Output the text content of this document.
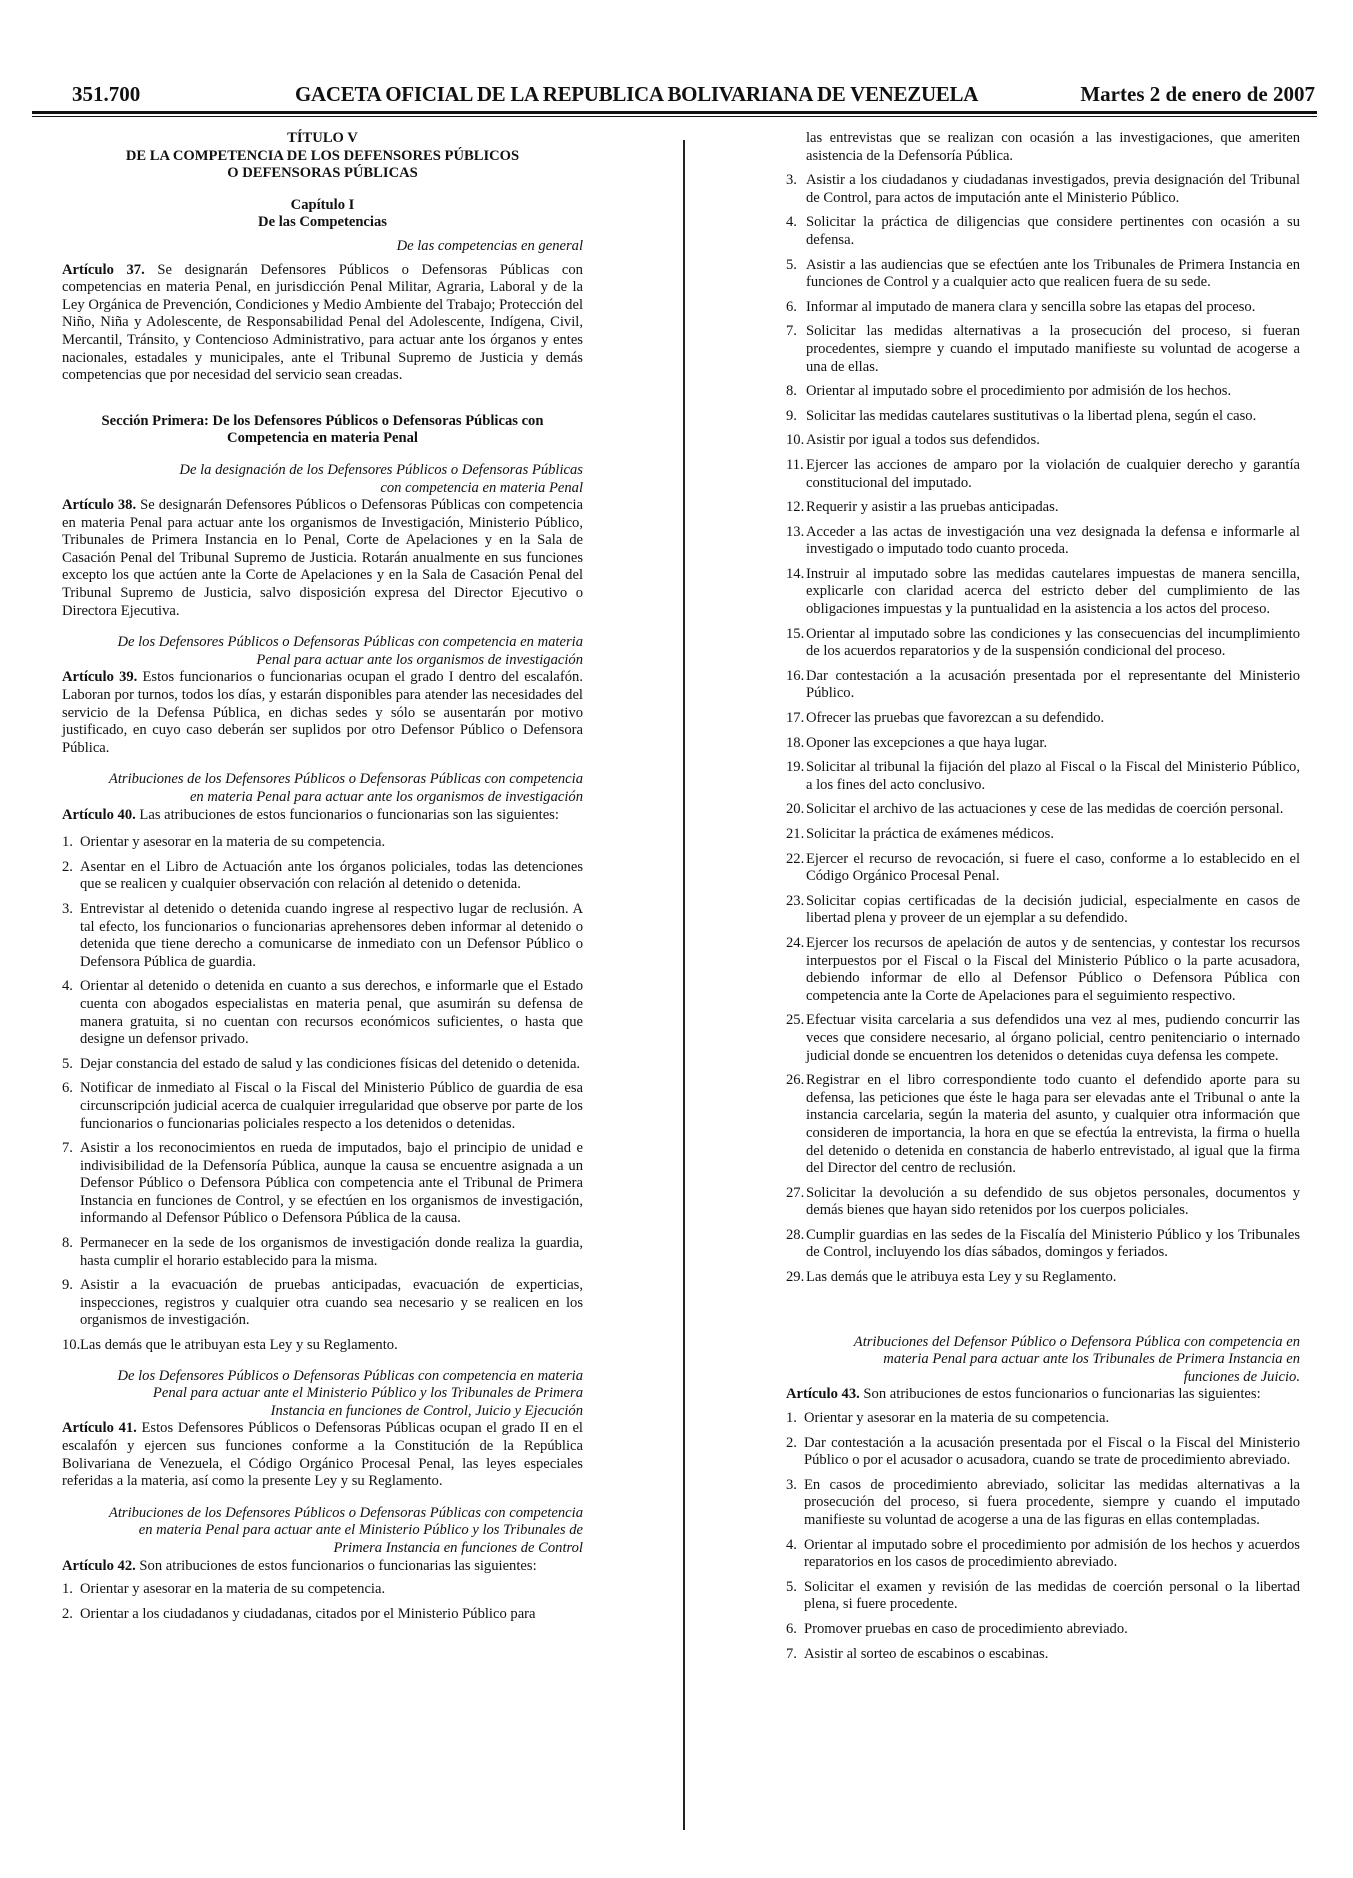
351.700	GACETA OFICIAL DE LA REPUBLICA BOLIVARIANA DE VENEZUELA	Martes 2 de enero de 2007
TÍTULO V
DE LA COMPETENCIA DE LOS DEFENSORES PÚBLICOS
O DEFENSORAS PÚBLICAS
Capítulo I
De las Competencias
De las competencias en general

Artículo 37. Se designarán Defensores Públicos o Defensoras Públicas con competencias en materia Penal, en jurisdicción Penal Militar, Agraria, Laboral y de la Ley Orgánica de Prevención, Condiciones y Medio Ambiente del Trabajo; Protección del Niño, Niña y Adolescente, de Responsabilidad Penal del Adolescente, Indígena, Civil, Mercantil, Tránsito, y Contencioso Administrativo, para actuar ante los órganos y entes nacionales, estadales y municipales, ante el Tribunal Supremo de Justicia y demás competencias que por necesidad del servicio sean creadas.

Sección Primera: De los Defensores Públicos o Defensoras Públicas con
Competencia en materia Penal
De la designación de los Defensores Públicos o Defensoras Públicas
con competencia en materia Penal

Artículo 38. Se designarán Defensores Públicos o Defensoras Públicas con competencia en materia Penal para actuar ante los organismos de Investigación, Ministerio Público, Tribunales de Primera Instancia en lo Penal, Corte de Apelaciones y en la Sala de Casación Penal del Tribunal Supremo de Justicia. Rotarán anualmente en sus funciones excepto los que actúen ante la Corte de Apelaciones y en la Sala de Casación Penal del Tribunal Supremo de Justicia, salvo disposición expresa del Director Ejecutivo o Directora Ejecutiva.

De los Defensores Públicos o Defensoras Públicas con competencia en materia
Penal para actuar ante los organismos de investigación

Artículo 39. Estos funcionarios o funcionarias ocupan el grado I dentro del escalafón. Laboran por turnos, todos los días, y estarán disponibles para atender las necesidades del servicio de la Defensa Pública, en dichas sedes y sólo se ausentarán por motivo justificado, en cuyo caso deberán ser suplidos por otro Defensor Público o Defensora Pública.

Atribuciones de los Defensores Públicos o Defensoras Públicas con competencia
en materia Penal para actuar ante los organismos de investigación

Artículo 40. Las atribuciones de estos funcionarios o funcionarias son las siguientes:

1. Orientar y asesorar en la materia de su competencia.
2. Asentar en el Libro de Actuación ante los órganos policiales, todas las detenciones que se realicen y cualquier observación con relación al detenido o detenida.
3. Entrevistar al detenido o detenida cuando ingrese al respectivo lugar de reclusión. A tal efecto, los funcionarios o funcionarias aprehensores deben informar al detenido o detenida que tiene derecho a comunicarse de inmediato con un Defensor Público o Defensora Pública de guardia.
4. Orientar al detenido o detenida en cuanto a sus derechos, e informarle que el Estado cuenta con abogados especialistas en materia penal, que asumirán su defensa de manera gratuita, si no cuentan con recursos económicos suficientes, o hasta que designe un defensor privado.
5. Dejar constancia del estado de salud y las condiciones físicas del detenido o detenida.
6. Notificar de inmediato al Fiscal o la Fiscal del Ministerio Público de guardia de esa circunscripción judicial acerca de cualquier irregularidad que observe por parte de los funcionarios o funcionarias policiales respecto a los detenidos o detenidas.
7. Asistir a los reconocimientos en rueda de imputados, bajo el principio de unidad e indivisibilidad de la Defensoría Pública, aunque la causa se encuentre asignada a un Defensor Público o Defensora Pública con competencia ante el Tribunal de Primera Instancia en funciones de Control, y se efectúen en los organismos de investigación, informando al Defensor Público o Defensora Pública de la causa.
8. Permanecer en la sede de los organismos de investigación donde realiza la guardia, hasta cumplir el horario establecido para la misma.
9. Asistir a la evacuación de pruebas anticipadas, evacuación de experticias, inspecciones, registros y cualquier otra cuando sea necesario y se realicen en los organismos de investigación.
10. Las demás que le atribuyan esta Ley y su Reglamento.
De los Defensores Públicos o Defensoras Públicas con competencia en materia
Penal para actuar ante el Ministerio Público y los Tribunales de Primera
Instancia en funciones de Control, Juicio y Ejecución

Artículo 41. Estos Defensores Públicos o Defensoras Públicas ocupan el grado II en el escalafón y ejercen sus funciones conforme a la Constitución de la República Bolivariana de Venezuela, el Código Orgánico Procesal Penal, las leyes especiales referidas a la materia, así como la presente Ley y su Reglamento.

Atribuciones de los Defensores Públicos o Defensoras Públicas con competencia
en materia Penal para actuar ante el Ministerio Público y los Tribunales de
Primera Instancia en funciones de Control

Artículo 42. Son atribuciones de estos funcionarios o funcionarias las siguientes:

1. Orientar y asesorar en la materia de su competencia.
2. Orientar a los ciudadanos y ciudadanas, citados por el Ministerio Público para

las entrevistas que se realizan con ocasión a las investigaciones, que ameriten asistencia de la Defensoría Pública.

3. Asistir a los ciudadanos y ciudadanas investigados, previa designación del Tribunal de Control, para actos de imputación ante el Ministerio Público.
4. Solicitar la práctica de diligencias que considere pertinentes con ocasión a su defensa.
5. Asistir a las audiencias que se efectúen ante los Tribunales de Primera Instancia en funciones de Control y a cualquier acto que realicen fuera de su sede.
6. Informar al imputado de manera clara y sencilla sobre las etapas del proceso.
7. Solicitar las medidas alternativas a la prosecución del proceso, si fueran procedentes, siempre y cuando el imputado manifieste su voluntad de acogerse a una de ellas.
8. Orientar al imputado sobre el procedimiento por admisión de los hechos.
9. Solicitar las medidas cautelares sustitutivas o la libertad plena, según el caso.
10. Asistir por igual a todos sus defendidos.
11. Ejercer las acciones de amparo por la violación de cualquier derecho y garantía constitucional del imputado.
12. Requerir y asistir a las pruebas anticipadas.
13. Acceder a las actas de investigación una vez designada la defensa e informarle al investigado o imputado todo cuanto proceda.
14. Instruir al imputado sobre las medidas cautelares impuestas de manera sencilla, explicarle con claridad acerca del estricto deber del cumplimiento de las obligaciones impuestas y la puntualidad en la asistencia a los actos del proceso.
15. Orientar al imputado sobre las condiciones y las consecuencias del incumplimiento de los acuerdos reparatorios y de la suspensión condicional del proceso.
16. Dar contestación a la acusación presentada por el representante del Ministerio Público.
17. Ofrecer las pruebas que favorezcan a su defendido.
18. Oponer las excepciones a que haya lugar.
19. Solicitar al tribunal la fijación del plazo al Fiscal o la Fiscal del Ministerio Público, a los fines del acto conclusivo.
20. Solicitar el archivo de las actuaciones y cese de las medidas de coerción personal.
21. Solicitar la práctica de exámenes médicos.
22. Ejercer el recurso de revocación, si fuere el caso, conforme a lo establecido en el Código Orgánico Procesal Penal.
23. Solicitar copias certificadas de la decisión judicial, especialmente en casos de libertad plena y proveer de un ejemplar a su defendido.
24. Ejercer los recursos de apelación de autos y de sentencias, y contestar los recursos interpuestos por el Fiscal o la Fiscal del Ministerio Público o la parte acusadora, debiendo informar de ello al Defensor Público o Defensora Pública con competencia ante la Corte de Apelaciones para el seguimiento respectivo.
25. Efectuar visita carcelaria a sus defendidos una vez al mes, pudiendo concurrir las veces que considere necesario, al órgano policial, centro penitenciario o internado judicial donde se encuentren los detenidos o detenidas cuya defensa les compete.
26. Registrar en el libro correspondiente todo cuanto el defendido aporte para su defensa, las peticiones que éste le haga para ser elevadas ante el Tribunal o ante la instancia carcelaria, según la materia del asunto, y cualquier otra información que consideren de importancia, la hora en que se efectúa la entrevista, la firma o huella del detenido o detenida en constancia de haberlo entrevistado, al igual que la firma del Director del centro de reclusión.
27. Solicitar la devolución a su defendido de sus objetos personales, documentos y demás bienes que hayan sido retenidos por los cuerpos policiales.
28. Cumplir guardias en las sedes de la Fiscalía del Ministerio Público y los Tribunales de Control, incluyendo los días sábados, domingos y feriados.
29. Las demás que le atribuya esta Ley y su Reglamento.
Atribuciones del Defensor Público o Defensora Pública con competencia en
materia Penal para actuar ante los Tribunales de Primera Instancia en
funciones de Juicio.

Artículo 43. Son atribuciones de estos funcionarios o funcionarias las siguientes:

1. Orientar y asesorar en la materia de su competencia.
2. Dar contestación a la acusación presentada por el Fiscal o la Fiscal del Ministerio Público o por el acusador o acusadora, cuando se trate de procedimiento abreviado.
3. En casos de procedimiento abreviado, solicitar las medidas alternativas a la prosecución del proceso, si fuera procedente, siempre y cuando el imputado manifieste su voluntad de acogerse a una de las figuras en ellas contempladas.
4. Orientar al imputado sobre el procedimiento por admisión de los hechos y acuerdos reparatorios en los casos de procedimiento abreviado.
5. Solicitar el examen y revisión de las medidas de coerción personal o la libertad plena, si fuere procedente.
6. Promover pruebas en caso de procedimiento abreviado.
7. Asistir al sorteo de escabinos o escabinas.
